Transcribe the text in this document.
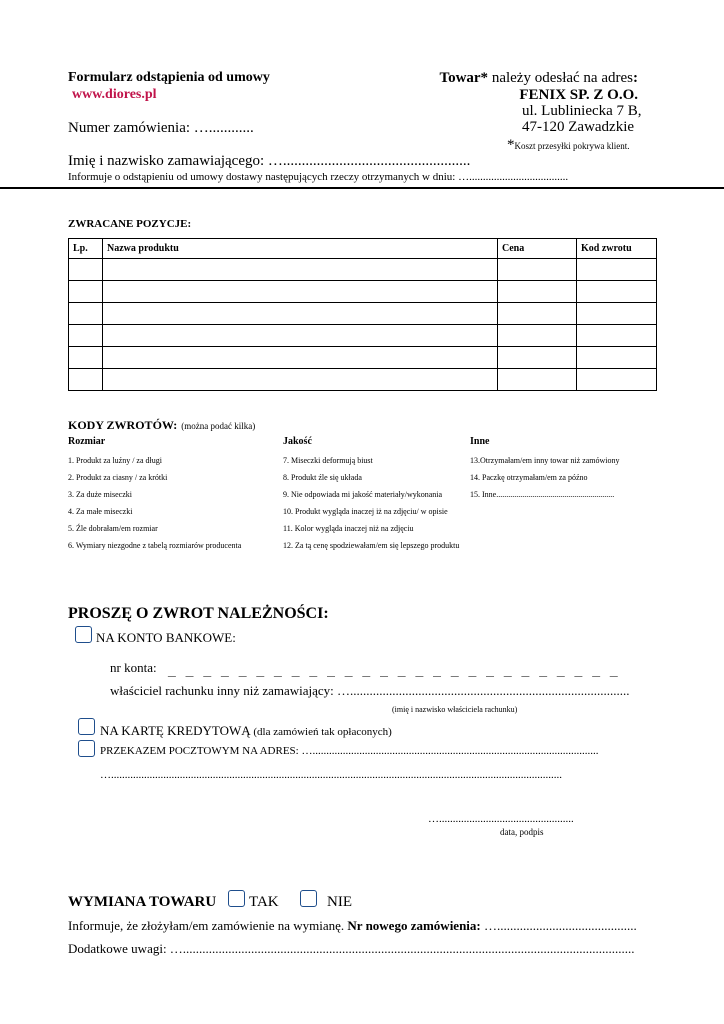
Formularz odstąpienia od umowy
www.diores.pl
Numer zamówienia: …............
Towar* należy odesłać na adres:
FENIX SP. Z O.O.
ul. Lubliniecka 7 B,
47-120 Zawadzkie
*Koszt przesyłki pokrywa klient.
Imię i nazwisko zamawiającego: …..................................................
Informuje o odstąpieniu od umowy dostawy następujących rzeczy otrzymanych w dniu: …....................................
ZWRACANE POZYCJE:
Lp.	Nazwa produktu	Cena	Kod zwrotu

KODY ZWROTÓW: (można podać kilka)
Rozmiar
1. Produkt za luźny / za długi
2. Produkt za ciasny / za krótki
3. Za duże miseczki
4. Za małe miseczki
5. Źle dobrałam/em rozmiar
6. Wymiary niezgodne z tabelą rozmiarów producenta
Jakość
7. Miseczki deformują biust
8. Produkt źle się układa
9. Nie odpowiada mi jakość materiały/wykonania
10. Produkt wygląda inaczej iż na zdjęciu/ w opisie
11. Kolor wygląda inaczej niż na zdjęciu
12. Za tą cenę spodziewałam/em się lepszego produktu
Inne
13.Otrzymałam/em inny towar niż zamówiony
14. Paczkę otrzymałam/em za późno
15. Inne...........................................................
PROSZĘ O ZWROT NALEŻNOŚCI:
NA KONTO BANKOWE:
nr konta: _ _ _ _ _ _ _ _ _ _ _ _ _ _ _ _ _ _ _ _ _ _ _ _ _ _
właściciel rachunku inny niż zamawiający: …......................................................................................
(imię i nazwisko właściciela rachunku)
NA KARTĘ KREDYTOWĄ (dla zamówień tak opłaconych)
PRZEKAZEM POCZTOWYM NA ADRES: …........................................................................................................
…....................................................................................................................................................................
….................................................
data, podpis
WYMIANA TOWARU TAK	NIE
Informuje, że złożyłam/em zamówienie na wymianę. Nr nowego zamówienia: …...........................................
Dodatkowe uwagi: …...........................................................................................................................................
